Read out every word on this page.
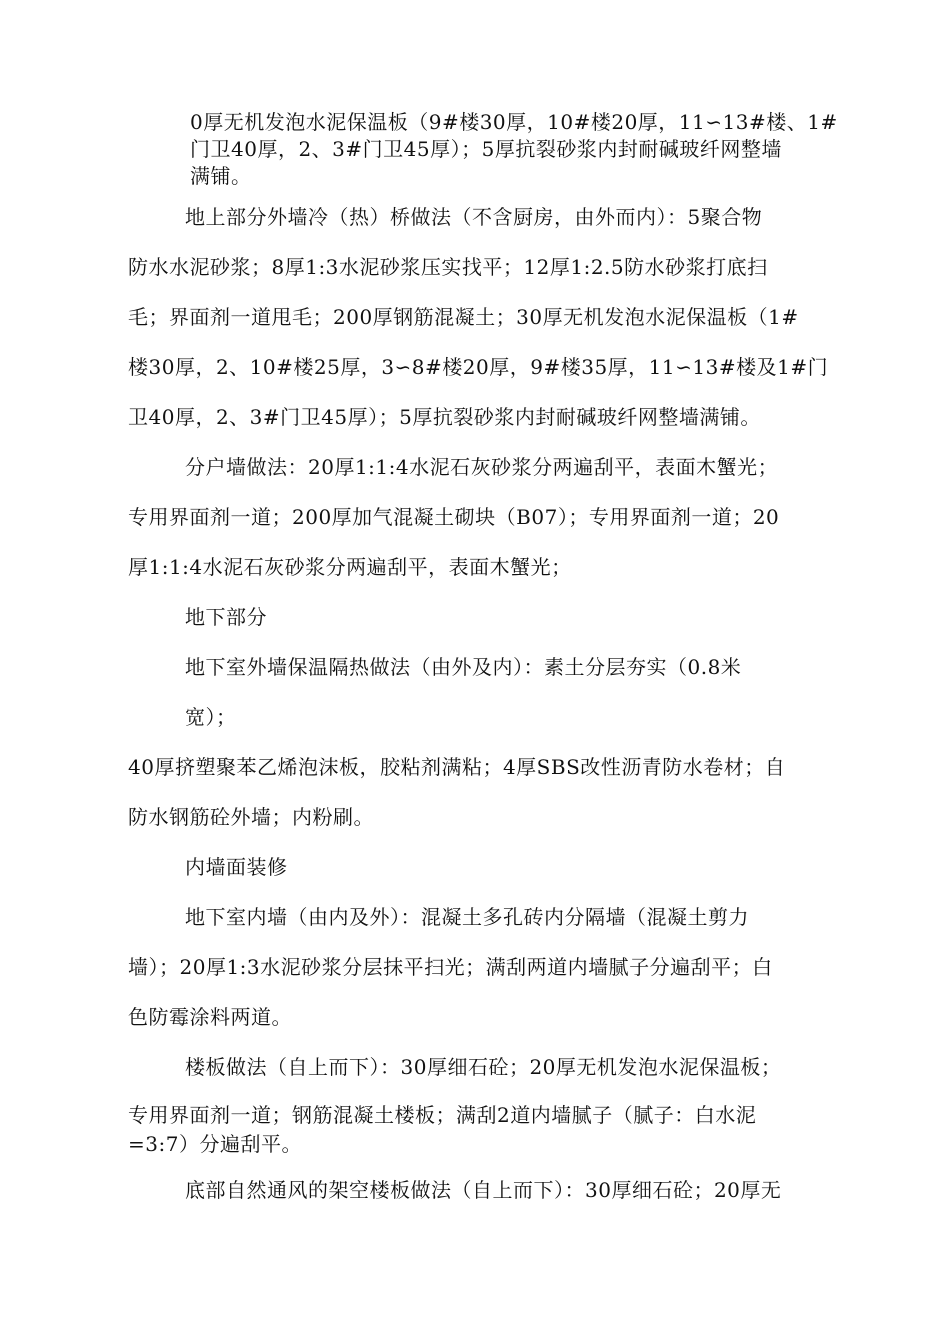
0厚无机发泡水泥保温板（9#楼30厚，10#楼20厚，11∽13#楼、1#
门卫40厚，2、3#门卫45厚）；5厚抗裂砂浆内封耐碱玻纤网整墙
满铺。
地上部分外墙冷（热）桥做法（不含厨房，由外而内）：5聚合物
防水水泥砂浆；8厚1:3水泥砂浆压实找平；12厚1:2.5防水砂浆打底扫
毛；界面剂一道甩毛；200厚钢筋混凝土；30厚无机发泡水泥保温板（1#
楼30厚，2、10#楼25厚，3∽8#楼20厚，9#楼35厚，11∽13#楼及1#门
卫40厚，2、3#门卫45厚）；5厚抗裂砂浆内封耐碱玻纤网整墙满铺。
分户墙做法：20厚1:1:4水泥石灰砂浆分两遍刮平，表面木蟹光；
专用界面剂一道；200厚加气混凝土砌块（B07）；专用界面剂一道；20
厚1:1:4水泥石灰砂浆分两遍刮平，表面木蟹光；
地下部分
地下室外墙保温隔热做法（由外及内）：素土分层夯实（0.8米
宽）；
40厚挤塑聚苯乙烯泡沫板，胶粘剂满粘；4厚SBS改性沥青防水卷材；自
防水钢筋砼外墙；内粉刷。
内墙面装修
地下室内墙（由内及外）：混凝土多孔砖内分隔墙（混凝土剪力
墙）；20厚1:3水泥砂浆分层抹平扫光；满刮两道内墙腻子分遍刮平；白
色防霉涂料两道。
楼板做法（自上而下）：30厚细石砼；20厚无机发泡水泥保温板；
专用界面剂一道；钢筋混凝土楼板；满刮2道内墙腻子（腻子：白水泥
=3:7）分遍刮平。
底部自然通风的架空楼板做法（自上而下）：30厚细石砼；20厚无
